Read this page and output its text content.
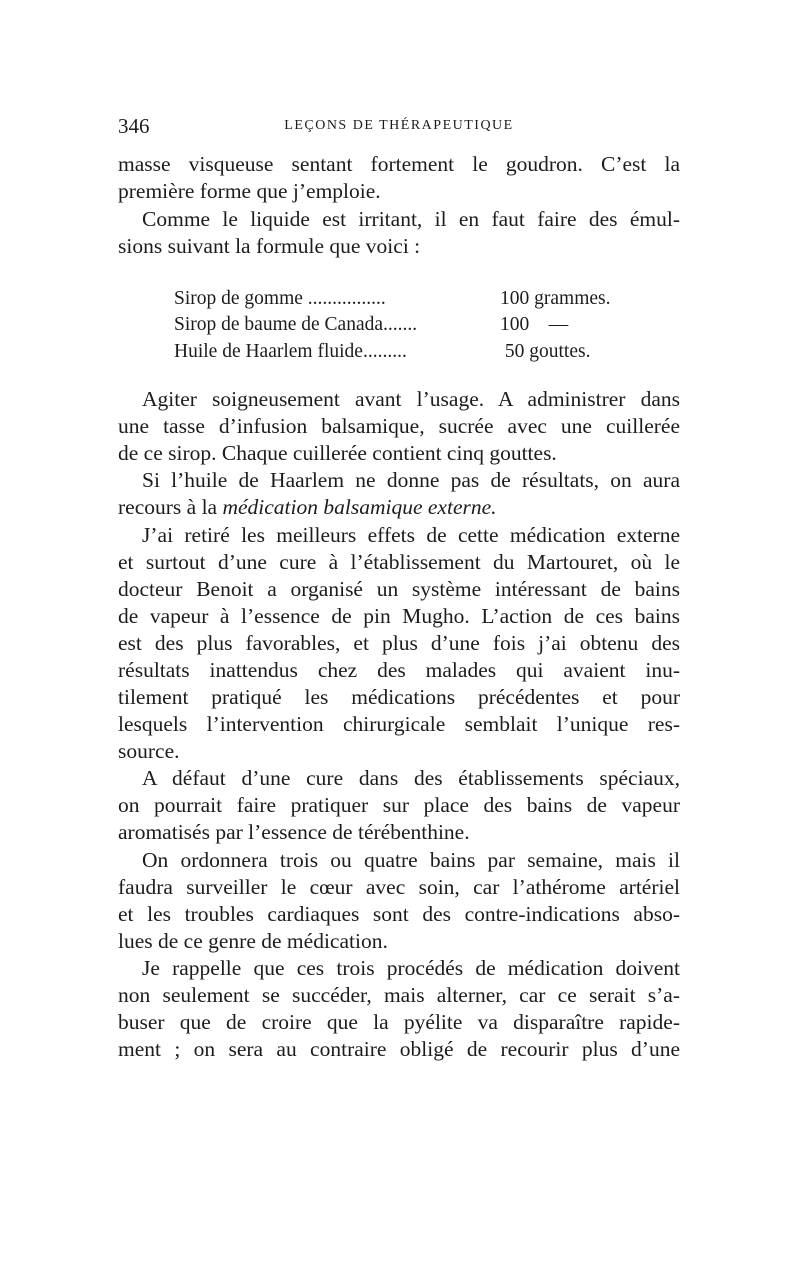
346	LEÇONS DE THÉRAPEUTIQUE
masse visqueuse sentant fortement le goudron. C’est la
première forme que j’emploie.
Comme le liquide est irritant, il en faut faire des émul-
sions suivant la formule que voici :
Sirop de gomme ................	100 grammes.
Sirop de baume de Canada.......	100    —
Huile de Haarlem fluide.........	50 gouttes.
Agiter soigneusement avant l’usage. A administrer dans
une tasse d’infusion balsamique, sucrée avec une cuillerée
de ce sirop. Chaque cuillerée contient cinq gouttes.
Si l’huile de Haarlem ne donne pas de résultats, on aura
recours à la médication balsamique externe.
J’ai retiré les meilleurs effets de cette médication externe
et surtout d’une cure à l’établissement du Martouret, où le
docteur Benoit a organisé un système intéressant de bains
de vapeur à l’essence de pin Mugho. L’action de ces bains
est des plus favorables, et plus d’une fois j’ai obtenu des
résultats inattendus chez des malades qui avaient inu-
tilement pratiqué les médications précédentes et pour
lesquels l’intervention chirurgicale semblait l’unique res-
source.
A défaut d’une cure dans des établissements spéciaux,
on pourrait faire pratiquer sur place des bains de vapeur
aromatisés par l’essence de térébenthine.
On ordonnera trois ou quatre bains par semaine, mais il
faudra surveiller le cœur avec soin, car l’athérome artériel
et les troubles cardiaques sont des contre-indications abso-
lues de ce genre de médication.
Je rappelle que ces trois procédés de médication doivent
non seulement se succéder, mais alterner, car ce serait s’a-
buser que de croire que la pyélite va disparaître rapide-
ment ; on sera au contraire obligé de recourir plus d’une
